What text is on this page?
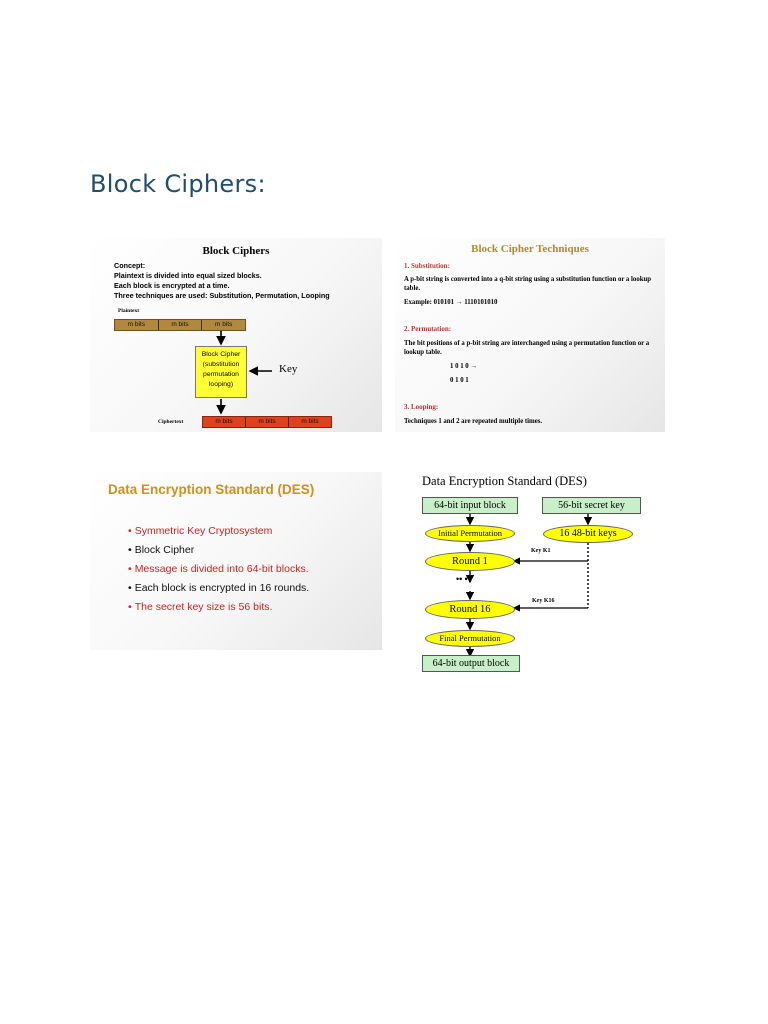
Block Ciphers:
Block Ciphers
Concept:
Plaintext is divided into equal sized blocks.
Each block is encrypted at a time.
Three techniques are used: Substitution, Permutation, Looping
Plaintext
m bits	m bits	m bits
Block Cipher
(substitution
permutation
looping)
Key
Ciphertext	m bits	m bits	m bits
Block Cipher Techniques
1. Substitution:
A p-bit string is converted into a q-bit string using a substitution function or a lookup table.
Example: 010101 → 1110101010
2. Permutation:
The bit positions of a p-bit string are interchanged using a permutation function or a lookup table.
1 0 1 0 →
0 1 0 1
3. Looping:
Techniques 1 and 2 are repeated multiple times.
Data Encryption Standard (DES)
• Symmetric Key Cryptosystem
• Block Cipher
• Message is divided into 64-bit blocks.
• Each block is encrypted in 16 rounds.
• The secret key size is 56 bits.
Data Encryption Standard (DES)
64-bit input block	56-bit secret key
Initial Permutation	16 48-bit keys
Round 1
Key K1
•• •
Round 16
Key K16
Final Permutation
64-bit output block
